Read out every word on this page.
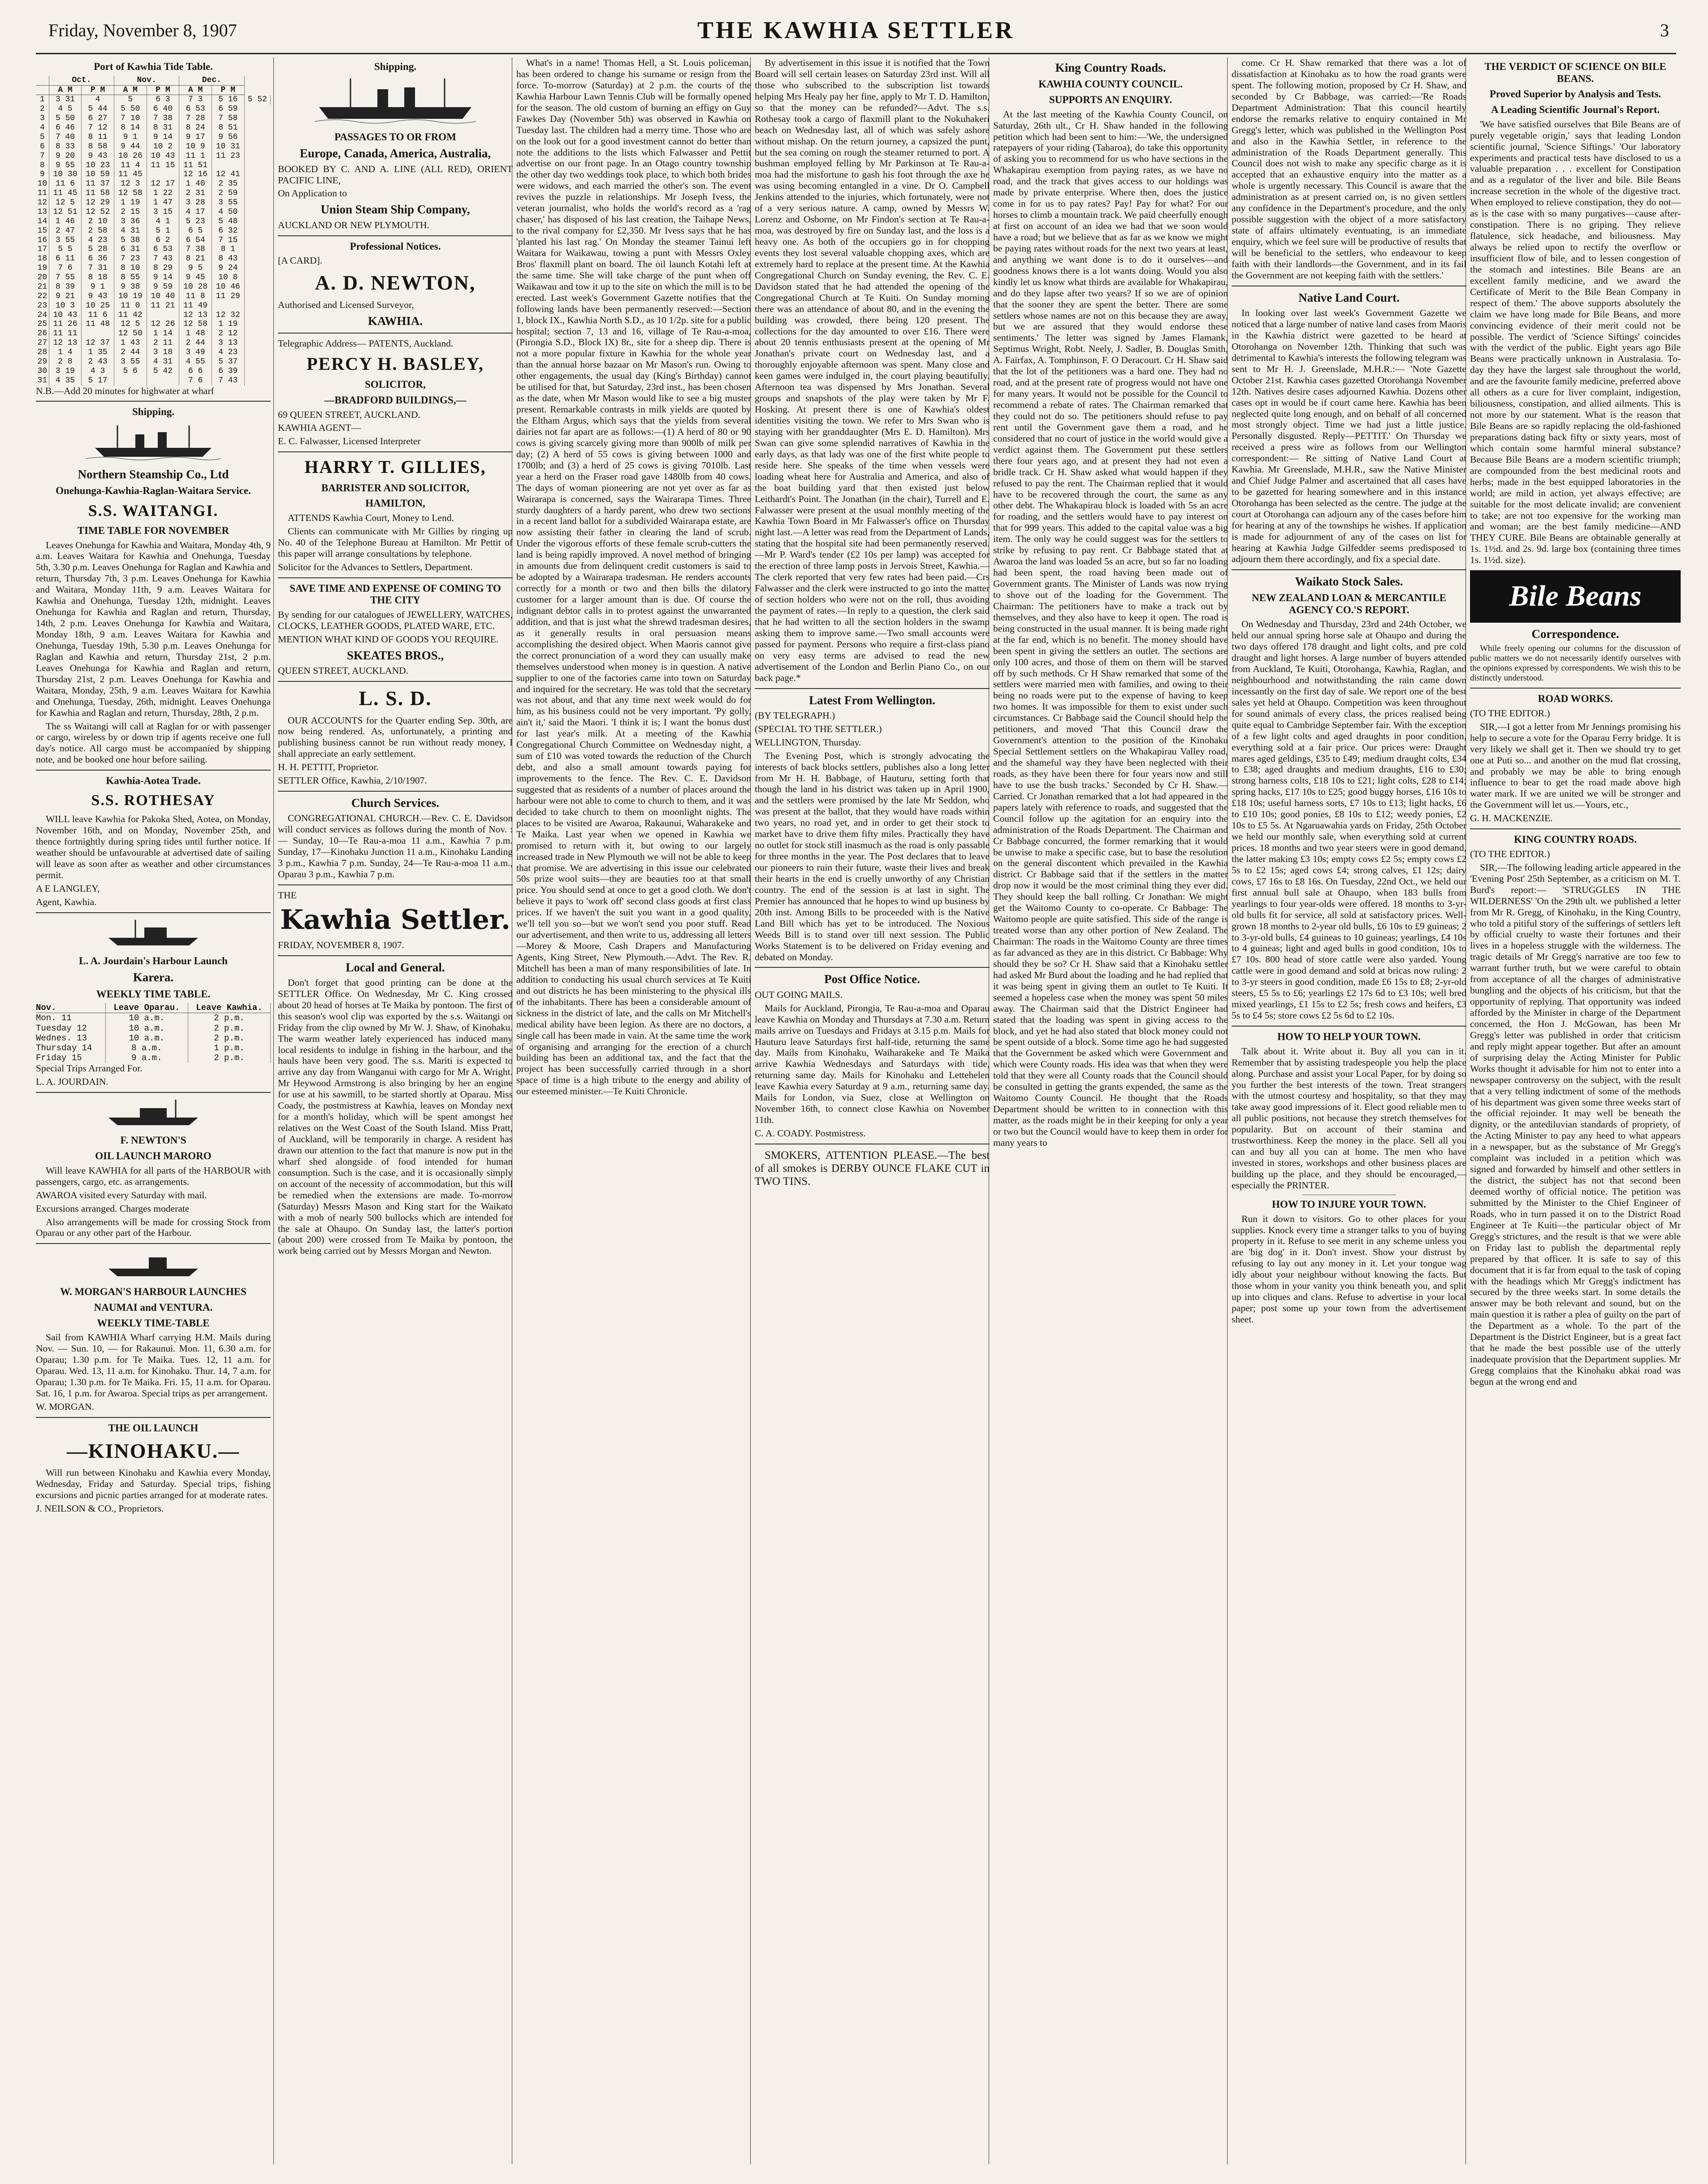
Friday, November 8, 1907	THE KAWHIA SETTLER	3
Port of Kawhia Tide Table.
	Oct.		Nov.		Dec.		
	A M	P M	A M	P M	A M	P M	
1	3 31	4	5	6 3	7 3	5 16	5 52
2	4 5	5 44	5 50	6 40	6 53	6 59	
3	5 50	6 27	7 10	7 38	7 28	7 58	
4	6 46	7 12	8 14	8 31	8 24	8 51	
5	7 40	8 11	9 1	9 14	9 17	9 56	
6	8 33	8 58	9 44	10 2	10 9	10 31	
7	9 20	9 43	10 26	10 43	11 1	11 23	
8	9 55	10 23	11 4	11 15	11 51		
9	10 30	10 59	11 45		12 16	12 41	
10	11 6	11 37	12 3	12 17	1 40	2 35	
11	11 45	11 58	12 58	1 22	2 31	2 59	
12	12 5	12 29	1 19	1 47	3 28	3 55	
13	12 51	12 52	2 15	3 15	4 17	4 50	
14	1 46	2 10	3 36	4 1	5 23	5 48	
15	2 47	2 58	4 31	5 1	6 5	6 32	
16	3 55	4 23	5 38	6 2	6 54	7 15	
17	5 5	5 28	6 31	6 53	7 38	8 1	
18	6 11	6 36	7 23	7 43	8 21	8 43	
19	7 6	7 31	8 10	8 29	9 5	9 24	
20	7 55	8 18	8 55	9 14	9 45	10 8	
21	8 39	9 1	9 38	9 59	10 28	10 46	
22	9 21	9 43	10 19	10 40	11 8	11 29	
23	10 3	10 25	11 0	11 21	11 49		
24	10 43	11 6	11 42		12 13	12 32	
25	11 26	11 48	12 5	12 26	12 58	1 19	
26	11 11		12 50	1 14	1 48	2 12	
27	12 13	12 37	1 43	2 11	2 44	3 13	
28	1 4	1 35	2 44	3 18	3 49	4 23	
29	2 8	2 43	3 55	4 31	4 55	5 37	
30	3 19	4 3	5 6	5 42	6 6	6 39	
31	4 35	5 17			7 6	7 43	

N.B.—Add 20 minutes for highwater at wharf

Shipping.
Northern Steamship Co., Ltd
Onehunga-Kawhia-Raglan-Waitara Service.
S.S. WAITANGI.
TIME TABLE FOR NOVEMBER

Leaves Onehunga for Kawhia and Waitara, Monday 4th, 9 a.m. Leaves Waitara for Kawhia and Onehunga, Tuesday 5th, 3.30 p.m. Leaves Onehunga for Raglan and Kawhia and return, Thursday 7th, 3 p.m. Leaves Onehunga for Kawhia and Waitara, Monday 11th, 9 a.m. Leaves Waitara for Kawhia and Onehunga, Tuesday 12th, midnight. Leaves Onehunga for Kawhia and Raglan and return, Thursday, 14th, 2 p.m. Leaves Onehunga for Kawhia and Waitara, Monday 18th, 9 a.m. Leaves Waitara for Kawhia and Onehunga, Tuesday 19th, 5.30 p.m. Leaves Onehunga for Raglan and Kawhia and return, Thursday 21st, 2 p.m. Leaves Onehunga for Kawhia and Raglan and return, Thursday 21st, 2 p.m. Leaves Onehunga for Kawhia and Waitara, Monday, 25th, 9 a.m. Leaves Waitara for Kawhia and Onehunga, Tuesday, 26th, midnight. Leaves Onehunga for Kawhia and Raglan and return, Thursday, 28th, 2 p.m.

The ss Waitangi will call at Raglan for or with passenger or cargo, wireless by or down trip if agents receive one full day's notice. All cargo must be accompanied by shipping note, and be booked one hour before sailing.

Kawhia-Aotea Trade.
S.S. ROTHESAY

WILL leave Kawhia for Pakoka Shed, Aotea, on Monday, November 16th, and on Monday, November 25th, and thence fortnightly during spring tides until further notice. If weather should be unfavourable at advertised date of sailing will leave as soon after as weather and other circumstances permit.

A E LANGLEY,

Agent, Kawhia.

L. A. Jourdain's Harbour Launch
Karera.
WEEKLY TIME TABLE.
Nov.	Leave Oparau.	Leave Kawhia.
Mon. 11	10 a.m.	2 p.m.
Tuesday 12	10 a.m.	2 p.m.
Wednes. 13	10 a.m.	2 p.m.
Thursday 14	8 a.m.	1 p.m.
Friday 15	9 a.m.	2 p.m.

Special Trips Arranged For.

L. A. JOURDAIN.

F. NEWTON'S
OIL LAUNCH MARORO

Will leave KAWHIA for all parts of the HARBOUR with passengers, cargo, etc. as arrangements.

AWAROA visited every Saturday with mail.

Excursions arranged. Charges moderate

Also arrangements will be made for crossing Stock from Oparau or any other part of the Harbour.

W. MORGAN'S HARBOUR LAUNCHES
NAUMAI and VENTURA.
WEEKLY TIME-TABLE

Sail from KAWHIA Wharf carrying H.M. Mails during Nov. — Sun. 10, — for Rakaunui. Mon. 11, 6.30 a.m. for Oparau; 1.30 p.m. for Te Maika. Tues. 12, 11 a.m. for Oparau. Wed. 13, 11 a.m. for Kinohaku. Thur. 14, 7 a.m. for Oparau; 1.30 p.m. for Te Maika. Fri. 15, 11 a.m. for Oparau. Sat. 16, 1 p.m. for Awaroa. Special trips as per arrangement.

W. MORGAN.

THE OIL LAUNCH
—KINOHAKU.—

Will run between Kinohaku and Kawhia every Monday, Wednesday, Friday and Saturday. Special trips, fishing excursions and picnic parties arranged for at moderate rates.

J. NEILSON & CO., Proprietors.

Shipping.
PASSAGES TO OR FROM
Europe, Canada, America, Australia,

BOOKED BY C. AND A. LINE (ALL RED), ORIENT PACIFIC LINE,

On Application to

Union Steam Ship Company,

AUCKLAND OR NEW PLYMOUTH.

Professional Notices.

[A CARD].

A. D. NEWTON,

Authorised and Licensed Surveyor,

KAWHIA.

Telegraphic Address— PATENTS, Auckland.

PERCY H. BASLEY,
SOLICITOR,
—BRADFORD BUILDINGS,—

69 QUEEN STREET, AUCKLAND.

KAWHIA AGENT—

E. C. Falwasser, Licensed Interpreter

HARRY T. GILLIES,
BARRISTER AND SOLICITOR,
HAMILTON,

ATTENDS Kawhia Court, Money to Lend.

Clients can communicate with Mr Gillies by ringing up No. 40 of the Telephone Bureau at Hamilton. Mr Pettit of this paper will arrange consultations by telephone.

Solicitor for the Advances to Settlers, Department.

SAVE TIME AND EXPENSE OF COMING TO THE CITY

By sending for our catalogues of JEWELLERY, WATCHES, CLOCKS, LEATHER GOODS, PLATED WARE, ETC.

MENTION WHAT KIND OF GOODS YOU REQUIRE.

SKEATES BROS.,

QUEEN STREET, AUCKLAND.

L. S. D.

OUR ACCOUNTS for the Quarter ending Sep. 30th, are now being rendered. As, unfortunately, a printing and publishing business cannot be run without ready money, I shall appreciate an early settlement.

H. H. PETTIT, Proprietor.

SETTLER Office, Kawhia, 2/10/1907.

Church Services.

CONGREGATIONAL CHURCH.—Rev. C. E. Davidson will conduct services as follows during the month of Nov. :— Sunday, 10—Te Rau-a-moa 11 a.m., Kawhia 7 p.m. Sunday, 17—Kinohaku Junction 11 a.m., Kinohaku Landing 3 p.m., Kawhia 7 p.m. Sunday, 24—Te Rau-a-moa 11 a.m., Oparau 3 p.m., Kawhia 7 p.m.

THE

Kawhia Settler.

FRIDAY, NOVEMBER 8, 1907.

Local and General.

Don't forget that good printing can be done at the SETTLER Office. On Wednesday, Mr C. King crossed about 20 head of horses at Te Maika by pontoon. The first of this season's wool clip was exported by the s.s. Waitangi on Friday from the clip owned by Mr W. J. Shaw, of Kinohaku. The warm weather lately experienced has induced many local residents to indulge in fishing in the harbour, and the hauls have been very good. The s.s. Mariti is expected to arrive any day from Wanganui with cargo for Mr A. Wright. Mr Heywood Armstrong is also bringing by her an engine for use at his sawmill, to be started shortly at Oparau. Miss Coady, the postmistress at Kawhia, leaves on Monday next for a month's holiday, which will be spent amongst her relatives on the West Coast of the South Island. Miss Pratt, of Auckland, will be temporarily in charge. A resident has drawn our attention to the fact that manure is now put in the wharf shed alongside of food intended for human consumption. Such is the case, and it is occasionally simply on account of the necessity of accommodation, but this will be remedied when the extensions are made. To-morrow (Saturday) Messrs Mason and King start for the Waikato with a mob of nearly 500 bullocks which are intended for the sale at Ohaupo. On Sunday last, the latter's portion (about 200) were crossed from Te Maika by pontoon, the work being carried out by Messrs Morgan and Newton.

What's in a name! Thomas Hell, a St. Louis policeman, has been ordered to change his surname or resign from the force. To-morrow (Saturday) at 2 p.m. the courts of the Kawhia Harbour Lawn Tennis Club will be formally opened for the season. The old custom of burning an effigy on Guy Fawkes Day (November 5th) was observed in Kawhia on Tuesday last. The children had a merry time. Those who are on the look out for a good investment cannot do better than note the additions to the lists which Falwasser and Pettit advertise on our front page. In an Otago country township the other day two weddings took place, to which both brides were widows, and each married the other's son. The event revives the puzzle in relationships. Mr Joseph Ivess, the veteran journalist, who holds the world's record as a 'rag chaser,' has disposed of his last creation, the Taihape News, to the rival company for £2,350. Mr Ivess says that he has 'planted his last rag.' On Monday the steamer Tainui left Waitara for Waikawau, towing a punt with Messrs Oxley Bros' flaxmill plant on board. The oil launch Kotahi left at the same time. She will take charge of the punt when off Waikawau and tow it up to the site on which the mill is to be erected. Last week's Government Gazette notifies that the following lands have been permanently reserved:—Section 1, block IX., Kawhia North S.D., as 10 1/2p. site for a public hospital; section 7, 13 and 16, village of Te Rau-a-moa, (Pirongia S.D., Block IX) 8r., site for a sheep dip. There is not a more popular fixture in Kawhia for the whole year than the annual horse bazaar on Mr Mason's run. Owing to other engagements, the usual day (King's Birthday) cannot be utilised for that, but Saturday, 23rd inst., has been chosen as the date, when Mr Mason would like to see a big muster present. Remarkable contrasts in milk yields are quoted by the Eltham Argus, which says that the yields from several dairies not far apart are as follows:—(1) A herd of 80 or 90 cows is giving scarcely giving more than 900lb of milk per day; (2) A herd of 55 cows is giving between 1000 and 1700lb; and (3) a herd of 25 cows is giving 7010lb. Last year a herd on the Fraser road gave 1480lb from 40 cows. The days of woman pioneering are not yet over as far as Wairarapa is concerned, says the Wairarapa Times. Three sturdy daughters of a hardy parent, who drew two sections in a recent land ballot for a subdivided Wairarapa estate, are now assisting their father in clearing the land of scrub. Under the vigorous efforts of these female scrub-cutters the land is being rapidly improved. A novel method of bringing in amounts due from delinquent credit customers is said to be adopted by a Wairarapa tradesman. He renders accounts correctly for a month or two and then bills the dilatory customer for a larger amount than is due. Of course the indignant debtor calls in to protest against the unwarranted addition, and that is just what the shrewd tradesman desires, as it generally results in oral persuasion means accomplishing the desired object. When Maoris cannot give the correct pronunciation of a word they can usually make themselves understood when money is in question. A native supplier to one of the factories came into town on Saturday and inquired for the secretary. He was told that the secretary was not about, and that any time next week would do for him, as his business could not be very important. 'Py golly, ain't it,' said the Maori. 'I think it is; I want the bonus dust' for last year's milk. At a meeting of the Kawhia Congregational Church Committee on Wednesday night, a sum of £10 was voted towards the reduction of the Church debt, and also a small amount towards paying for improvements to the fence. The Rev. C. E. Davidson suggested that as residents of a number of places around the harbour were not able to come to church to them, and it was decided to take church to them on moonlight nights. The places to be visited are Awaroa, Rakaunui, Waharakeke and Te Maika. Last year when we opened in Kawhia we promised to return with it, but owing to our largely increased trade in New Plymouth we will not be able to keep that promise. We are advertising in this issue our celebrated 50s prize wool suits—they are beauties too at that small price. You should send at once to get a good cloth. We don't believe it pays to 'work off' second class goods at first class prices. If we haven't the suit you want in a good quality, we'll tell you so—but we won't send you poor stuff. Read our advertisement, and then write to us, addressing all letters—Morey & Moore, Cash Drapers and Manufacturing Agents, King Street, New Plymouth.—Advt. The Rev. R. Mitchell has been a man of many responsibilities of late. In addition to conducting his usual church services at Te Kuiti and out districts he has been ministering to the physical ills of the inhabitants. There has been a considerable amount of sickness in the district of late, and the calls on Mr Mitchell's medical ability have been legion. As there are no doctors, a single call has been made in vain. At the same time the work of organising and arranging for the erection of a church building has been an additional tax, and the fact that the project has been successfully carried through in a short space of time is a high tribute to the energy and ability of our esteemed minister.—Te Kuiti Chronicle.

By advertisement in this issue it is notified that the Town Board will sell certain leases on Saturday 23rd inst. Will all those who subscribed to the subscription list towards helping Mrs Healy pay her fine, apply to Mr T. D. Hamilton, so that the money can be refunded?—Advt. The s.s. Rothesay took a cargo of flaxmill plant to the Nokuhakeri beach on Wednesday last, all of which was safely ashore without mishap. On the return journey, a capsized the punt, but the sea coming on rough the steamer returned to port. A bushman employed felling by Mr Parkinson at Te Rau-a-moa had the misfortune to gash his foot through the axe he was using becoming entangled in a vine. Dr O. Campbell Jenkins attended to the injuries, which fortunately, were not of a very serious nature. A camp, owned by Messrs W. Lorenz and Osborne, on Mr Findon's section at Te Rau-a-moa, was destroyed by fire on Sunday last, and the loss is a heavy one. As both of the occupiers go in for chopping events they lost several valuable chopping axes, which are extremely hard to replace at the present time. At the Kawhia Congregational Church on Sunday evening, the Rev. C. E. Davidson stated that he had attended the opening of the Congregational Church at Te Kuiti. On Sunday morning there was an attendance of about 80, and in the evening the building was crowded, there being 120 present. The collections for the day amounted to over £16. There were about 20 tennis enthusiasts present at the opening of Mr Jonathan's private court on Wednesday last, and a thoroughly enjoyable afternoon was spent. Many close and keen games were indulged in, the court playing beautifully. Afternoon tea was dispensed by Mrs Jonathan. Several groups and snapshots of the play were taken by Mr F. Hosking. At present there is one of Kawhia's oldest identities visiting the town. We refer to Mrs Swan who is staying with her granddaughter (Mrs E. D. Hamilton). Mrs Swan can give some splendid narratives of Kawhia in the early days, as that lady was one of the first white people to reside here. She speaks of the time when vessels were loading wheat here for Australia and America, and also of the boat building yard that then existed just below Leithardt's Point. The Jonathan (in the chair), Turrell and E. Falwasser were present at the usual monthly meeting of the Kawhia Town Board in Mr Falwasser's office on Thursday night last.—A letter was read from the Department of Lands, stating that the hospital site had been permanently reserved.—Mr P. Ward's tender (£2 10s per lamp) was accepted for the erection of three lamp posts in Jervois Street, Kawhia.—The clerk reported that very few rates had been paid.—Crs Falwasser and the clerk were instructed to go into the matter of section holders who were not on the roll, thus avoiding the payment of rates.—In reply to a question, the clerk said that he had written to all the section holders in the swamp asking them to improve same.—Two small accounts were passed for payment. Persons who require a first-class piano on very easy terms are advised to read the new advertisement of the London and Berlin Piano Co., on our back page.*

Latest From Wellington.

(BY TELEGRAPH.)

(SPECIAL TO THE SETTLER.)

WELLINGTON, Thursday.

The Evening Post, which is strongly advocating the interests of back blocks settlers, publishes also a long letter from Mr H. H. Babbage, of Hauturu, setting forth that though the land in his district was taken up in April 1900, and the settlers were promised by the late Mr Seddon, who was present at the ballot, that they would have roads within two years, no road yet, and in order to get their stock to market have to drive them fifty miles. Practically they have no outlet for stock still inasmuch as the road is only passable for three months in the year. The Post declares that to leave our pioneers to ruin their future, waste their lives and break their hearts in the end is cruelly unworthy of any Christian country. The end of the session is at last in sight. The Premier has announced that he hopes to wind up business by 20th inst. Among Bills to be proceeded with is the Native Land Bill which has yet to be introduced. The Noxious Weeds Bill is to stand over till next session. The Public Works Statement is to be delivered on Friday evening and debated on Monday.

Post Office Notice.

OUT GOING MAILS.

Mails for Auckland, Pirongia, Te Rau-a-moa and Oparau leave Kawhia on Monday and Thursdays at 7.30 a.m. Return mails arrive on Tuesdays and Fridays at 3.15 p.m. Mails for Hauturu leave Saturdays first half-tide, returning the same day. Mails from Kinohaku, Waiharakeke and Te Maika arrive Kawhia Wednesdays and Saturdays with tide, returning same day. Mails for Kinohaku and Lettehelen leave Kawhia every Saturday at 9 a.m., returning same day. Mails for London, via Suez, close at Wellington on November 16th, to connect close Kawhia on November 11th.

C. A. COADY. Postmistress.

SMOKERS, ATTENTION PLEASE.—The best of all smokes is DERBY OUNCE FLAKE CUT in TWO TINS.

King Country Roads.
KAWHIA COUNTY COUNCIL.
SUPPORTS AN ENQUIRY.

At the last meeting of the Kawhia County Council, on Saturday, 26th ult., Cr H. Shaw handed in the following petition which had been sent to him:—'We, the undersigned ratepayers of your riding (Taharoa), do take this opportunity of asking you to recommend for us who have sections in the Whakapirau exemption from paying rates, as we have no road, and the track that gives access to our holdings was made by private enterprise. Where then, does the justice come in for us to pay rates? Pay! Pay for what? For our horses to climb a mountain track. We paid cheerfully enough at first on account of an idea we had that we soon would have a road; but we believe that as far as we know we might be paying rates without roads for the next two years at least, and anything we want done is to do it ourselves—and goodness knows there is a lot wants doing. Would you also kindly let us know what thirds are available for Whakapirau, and do they lapse after two years? If so we are of opinion that the sooner they are spent the better. There are some settlers whose names are not on this because they are away, but we are assured that they would endorse these sentiments.' The letter was signed by James Flamank, Septimus Wright, Robt. Neely, J. Sadler, B. Douglas Smith, A. Fairfax, A. Tomphinson, F. O Deracourt. Cr H. Shaw said that the lot of the petitioners was a hard one. They had no road, and at the present rate of progress would not have one for many years. It would not be possible for the Council to recommend a rebate of rates. The Chairman remarked that they could not do so. The petitioners should refuse to pay rent until the Government gave them a road, and he considered that no court of justice in the world would give a verdict against them. The Government put these settlers there four years ago, and at present they had not even a bridle track. Cr H. Shaw asked what would happen if they refused to pay the rent. The Chairman replied that it would have to be recovered through the court, the same as any other debt. The Whakapirau block is loaded with 5s an acre for roading, and the settlers would have to pay interest on that for 999 years. This added to the capital value was a big item. The only way he could suggest was for the settlers to strike by refusing to pay rent. Cr Babbage stated that at Awaroa the land was loaded 5s an acre, but so far no loading had been spent, the road having been made out of Government grants. The Minister of Lands was now trying to shove out of the loading for the Government. The Chairman: The petitioners have to make a track out by themselves, and they also have to keep it open. The road is being constructed in the usual manner. It is being made right at the far end, which is no benefit. The money should have been spent in giving the settlers an outlet. The sections are only 100 acres, and those of them on them will be starved off by such methods. Cr H Shaw remarked that some of the settlers were married men with families, and owing to their being no roads were put to the expense of having to keep two homes. It was impossible for them to exist under such circumstances. Cr Babbage said the Council should help the petitioners, and moved 'That this Council draw the Government's attention to the position of the Kinohaku Special Settlement settlers on the Whakapirau Valley road, and the shameful way they have been neglected with their roads, as they have been there for four years now and still have to use the bush tracks.' Seconded by Cr H. Shaw.—Carried. Cr Jonathan remarked that a lot had appeared in the papers lately with reference to roads, and suggested that the Council follow up the agitation for an enquiry into the administration of the Roads Department. The Chairman and Cr Babbage concurred, the former remarking that it would be unwise to make a specific case, but to base the resolution on the general discontent which prevailed in the Kawhia district. Cr Babbage said that if the settlers in the matter drop now it would be the most criminal thing they ever did. They should keep the ball rolling. Cr Jonathan: We might get the Waitomo County to co-operate. Cr Babbage: The Waitomo people are quite satisfied. This side of the range is treated worse than any other portion of New Zealand. The Chairman: The roads in the Waitomo County are three times as far advanced as they are in this district. Cr Babbage: Why should they be so? Cr H. Shaw said that a Kinohaku settler had asked Mr Burd about the loading and he had replied that it was being spent in giving them an outlet to Te Kuiti. It seemed a hopeless case when the money was spent 50 miles away. The Chairman said that the District Engineer had stated that the loading was spent in giving access to the block, and yet he had also stated that block money could not be spent outside of a block. Some time ago he had suggested that the Government be asked which were Government and which were County roads. His idea was that when they were told that they were all County roads that the Council should be consulted in getting the grants expended, the same as the Waitomo County Council. He thought that the Roads Department should be written to in connection with this matter, as the roads might be in their keeping for only a year or two but the Council would have to keep them in order for many years to

come. Cr H. Shaw remarked that there was a lot of dissatisfaction at Kinohaku as to how the road grants were spent. The following motion, proposed by Cr H. Shaw, and seconded by Cr Babbage, was carried:—'Re Roads Department Administration: That this council heartily endorse the remarks relative to enquiry contained in Mr Gregg's letter, which was published in the Wellington Post and also in the Kawhia Settler, in reference to the administration of the Roads Department generally. This Council does not wish to make any specific charge as it is accepted that an exhaustive enquiry into the matter as a whole is urgently necessary. This Council is aware that the administration as at present carried on, is no given settlers any confidence in the Department's procedure, and the only possible suggestion with the object of a more satisfactory state of affairs ultimately eventuating, is an immediate enquiry, which we feel sure will be productive of results that will be beneficial to the settlers, who endeavour to keep faith with their landlords—the Government, and in its fail the Government are not keeping faith with the settlers.'

Native Land Court.

In looking over last week's Government Gazette we noticed that a large number of native land cases from Maoris in the Kawhia district were gazetted to be heard at Otorohanga on November 12th. Thinking that such was detrimental to Kawhia's interests the following telegram was sent to Mr H. J. Greenslade, M.H.R.:— 'Note Gazette October 21st. Kawhia cases gazetted Otorohanga November 12th. Natives desire cases adjourned Kawhia. Dozens other cases opt in would be if court came here. Kawhia has been neglected quite long enough, and on behalf of all concerned most strongly object. Time we had just a little justice. Personally disgusted. Reply—PETTIT.' On Thursday we received a press wire as follows from our Wellington correspondent:— Re sitting of Native Land Court at Kawhia. Mr Greenslade, M.H.R., saw the Native Minister and Chief Judge Palmer and ascertained that all cases have to be gazetted for hearing somewhere and in this instance Otorohanga has been selected as the centre. The judge at the court at Otorohanga can adjourn any of the cases before him for hearing at any of the townships he wishes. If application is made for adjournment of any of the cases on list for hearing at Kawhia Judge Gilfedder seems predisposed to adjourn them there accordingly, and fix a special date.

Waikato Stock Sales.
NEW ZEALAND LOAN & MERCANTILE AGENCY CO.'S REPORT.

On Wednesday and Thursday, 23rd and 24th October, we held our annual spring horse sale at Ohaupo and during the two days offered 178 draught and light colts, and pre cold draught and light horses. A large number of buyers attended from Auckland, Te Kuiti, Otorohanga, Kawhia, Raglan, and neighbourhood and notwithstanding the rain came down incessantly on the first day of sale. We report one of the best sales yet held at Ohaupo. Competition was keen throughout for sound animals of every class, the prices realised being quite equal to Cambridge September fair. With the exception of a few light colts and aged draughts in poor condition, everything sold at a fair price. Our prices were: Draught mares aged geldings, £35 to £49; medium draught colts, £34 to £38; aged draughts and medium draughts, £16 to £30; strong harness colts, £18 10s to £21; light colts, £28 to £14; spring hacks, £17 10s to £25; good buggy horses, £16 10s to £18 10s; useful harness sorts, £7 10s to £13; light hacks, £6 to £10 10s; good ponies, £8 10s to £12; weedy ponies, £2 10s to £5 5s. At Ngaruawahia yards on Friday, 25th October we held our monthly sale, when everything sold at current prices. 18 months and two year steers were in good demand, the latter making £3 10s; empty cows £2 5s; empty cows £2 5s to £2 15s; aged cows £4; strong calves, £1 12s; dairy cows, £7 16s to £8 16s. On Tuesday, 22nd Oct., we held our first annual bull sale at Ohaupo, when 183 bulls from yearlings to four year-olds were offered. 18 months to 3-yr-old bulls fit for service, all sold at satisfactory prices. Well-grown 18 months to 2-year old bulls, £6 10s to £9 guineas; 2 to 3-yr-old bulls, £4 guineas to 10 guineas; yearlings, £4 10s to 4 guineas; light and aged bulls in good condition, 10s to £7 10s. 800 head of store cattle were also yarded. Young cattle were in good demand and sold at bricas now ruling: 2 to 3-yr steers in good condition, made £6 15s to £8; 2-yr-old steers, £5 5s to £6; yearlings £2 17s 6d to £3 10s; well bred mixed yearlings, £1 15s to £2 5s; fresh cows and heifers, £3 5s to £4 5s; store cows £2 5s 6d to £2 10s.

HOW TO HELP YOUR TOWN.

Talk about it. Write about it. Buy all you can in it. Remember that by assisting tradespeople you help the place along. Purchase and assist your Local Paper, for by doing so you further the best interests of the town. Treat strangers with the utmost courtesy and hospitality, so that they may take away good impressions of it. Elect good reliable men to all public positions, not because they stretch themselves for popularity. But on account of their stamina and trustworthiness. Keep the money in the place. Sell all you can and buy all you can at home. The men who have invested in stores, workshops and other business places are building up the place, and they should be encouraged,—especially the PRINTER.

HOW TO INJURE YOUR TOWN.

Run it down to visitors. Go to other places for your supplies. Knock every time a stranger talks to you of buying property in it. Refuse to see merit in any scheme unless you are 'big dog' in it. Don't invest. Show your distrust by refusing to lay out any money in it. Let your tongue wag idly about your neighbour without knowing the facts. But those whom in your vanity you think beneath you, and split up into cliques and clans. Refuse to advertise in your local paper; post some up your town from the advertisement sheet.

THE VERDICT OF SCIENCE ON BILE BEANS.
Proved Superior by Analysis and Tests.
A Leading Scientific Journal's Report.

'We have satisfied ourselves that Bile Beans are of purely vegetable origin,' says that leading London scientific journal, 'Science Siftings.' 'Our laboratory experiments and practical tests have disclosed to us a valuable preparation . . . excellent for Constipation and as a regulator of the liver and bile. Bile Beans increase secretion in the whole of the digestive tract. When employed to relieve constipation, they do not—as is the case with so many purgatives—cause after-constipation. There is no griping. They relieve flatulence, sick headache, and biliousness. May always be relied upon to rectify the overflow or insufficient flow of bile, and to lessen congestion of the stomach and intestines. Bile Beans are an excellent family medicine, and we award the Certificate of Merit to the Bile Bean Company in respect of them.' The above supports absolutely the claim we have long made for Bile Beans, and more convincing evidence of their merit could not be possible. The verdict of 'Science Siftings' coincides with the verdict of the public. Eight years ago Bile Beans were practically unknown in Australasia. To-day they have the largest sale throughout the world, and are the favourite family medicine, preferred above all others as a cure for liver complaint, indigestion, biliousness, constipation, and allied ailments. This is not more by our statement. What is the reason that Bile Beans are so rapidly replacing the old-fashioned preparations dating back fifty or sixty years, most of which contain some harmful mineral substance? Because Bile Beans are a modern scientific triumph; are compounded from the best medicinal roots and herbs; made in the best equipped laboratories in the world; are mild in action, yet always effective; are suitable for the most delicate invalid; are convenient to take; are not too expensive for the working man and woman; are the best family medicine—AND THEY CURE. Bile Beans are obtainable generally at 1s. 1½d. and 2s. 9d. large box (containing three times 1s. 1½d. size).

Bile Beans
Correspondence.

While freely opening our columns for the discussion of public matters we do not necessarily identify ourselves with the opinions expressed by correspondents. We wish this to be distinctly understood.

ROAD WORKS.

(TO THE EDITOR.)

SIR,—I got a letter from Mr Jennings promising his help to secure a vote for the Oparau Ferry bridge. It is very likely we shall get it. Then we should try to get one at Puti so... and another on the mud flat crossing, and probably we may be able to bring enough influence to bear to get the road made above high water mark. If we are united we will be stronger and the Government will let us.—Yours, etc.,

G. H. MACKENZIE.

KING COUNTRY ROADS.

(TO THE EDITOR.)

SIR,—The following leading article appeared in the 'Evening Post' 25th September, as a criticism on M. T. Burd's report:— 'STRUGGLES IN THE WILDERNESS' 'On the 29th ult. we published a letter from Mr R. Gregg, of Kinohaku, in the King Country, who told a pitiful story of the sufferings of settlers left by official cruelty to waste their fortunes and their lives in a hopeless struggle with the wilderness. The tragic details of Mr Gregg's narrative are too few to warrant further truth, but we were careful to obtain from acceptance of all the charges of administrative bungling and the objects of his criticism, but that the opportunity of replying. That opportunity was indeed afforded by the Minister in charge of the Department concerned, the Hon J. McGowan, has been Mr Gregg's letter was published in order that criticism and reply might appear together. But after an amount of surprising delay the Acting Minister for Public Works thought it advisable for him not to enter into a newspaper controversy on the subject, with the result that a very telling indictment of some of the methods of his department was given some three weeks start of the official rejoinder. It may well be beneath the dignity, or the antediluvian standards of propriety, of the Acting Minister to pay any heed to what appears in a newspaper, but as the substance of Mr Gregg's complaint was included in a petition which was signed and forwarded by himself and other settlers in the district, the subject has not that second been deemed worthy of official notice. The petition was submitted by the Minister to the Chief Engineer of Roads, who in turn passed it on to the District Road Engineer at Te Kuiti—the particular object of Mr Gregg's strictures, and the result is that we were able on Friday last to publish the departmental reply prepared by that officer. It is safe to say of this document that it is far from equal to the task of coping with the headings which Mr Gregg's indictment has secured by the three weeks start. In some details the answer may be both relevant and sound, but on the main question it is rather a plea of guilty on the part of the Department as a whole. To the part of the Department is the District Engineer, but is a great fact that he made the best possible use of the utterly inadequate provision that the Department supplies. Mr Gregg complains that the Kinohaku abkai road was begun at the wrong end and
